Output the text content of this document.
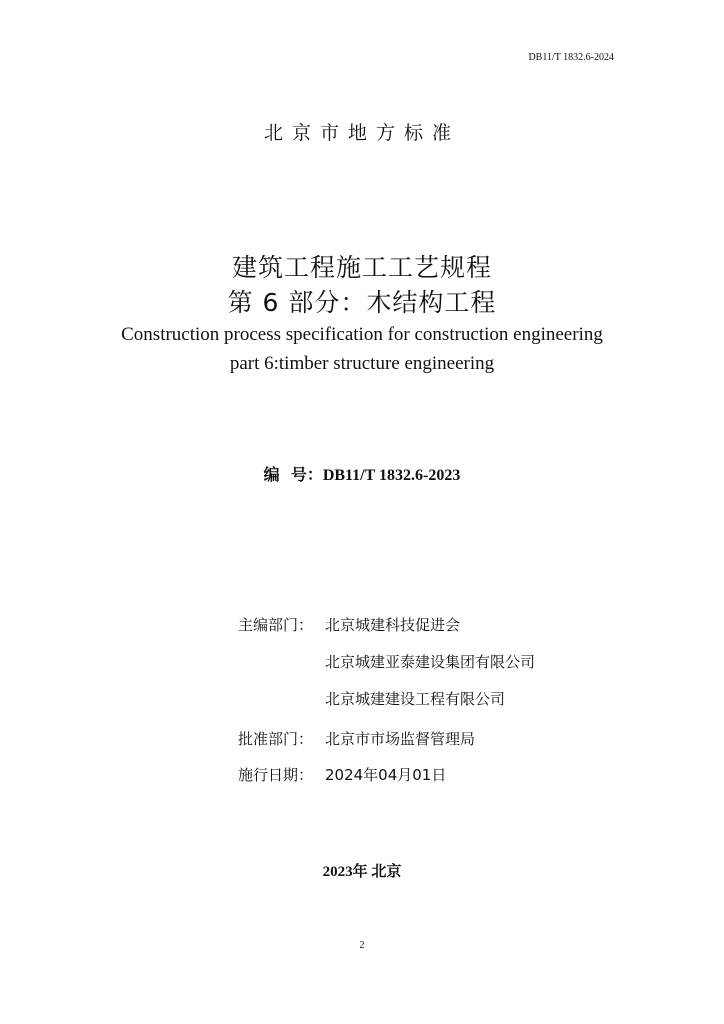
DB11/T 1832.6-2024
北京市地方标准
建筑工程施工工艺规程
第 6 部分：木结构工程
Construction process specification for construction engineering
part 6:timber structure engineering
编  号：DB11/T 1832.6-2023
主编部门： 北京城建科技促进会
北京城建亚泰建设集团有限公司
北京城建建设工程有限公司
批准部门： 北京市市场监督管理局
施行日期： 2024年04月01日
2023年 北京
2
